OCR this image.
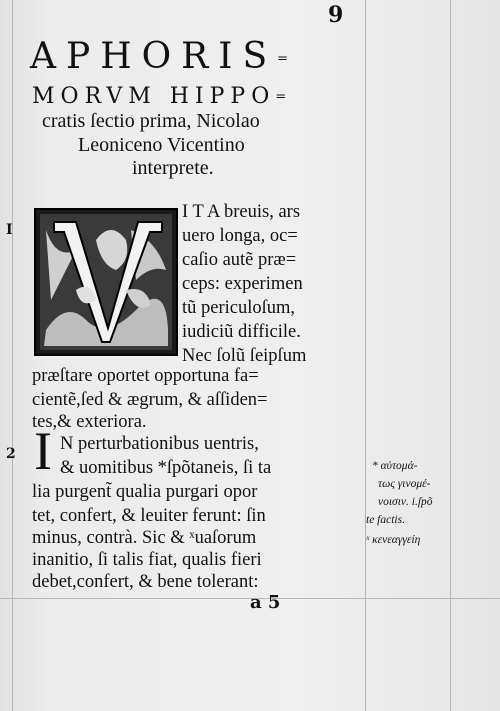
9
APHORIS=
MORVM HIPPO=
cratis ſectio prima, Nicolao
Leoniceno Vicentino
interprete.
I
I T A breuis, ars
uero longa, oc=
caſio autẽ præ=
ceps: experimen
tũ periculoſum,
iudiciũ difficile.
Nec ſolũ ſeipſum
præſtare oportet opportuna fa=
cientẽ,ſed & ægrum, & aſſiden=
tes,& exteriora.
2 I N perturbationibus uentris,
& uomitibus *ſpõtaneis, ſi ta
lia purgent̃ qualia purgari opor
tet, confert, & leuiter ferunt: ſin
minus, contrà. Sic & ˣuaſorum
inanitio, ſi talis fiat, qualis fieri
debet,confert, & bene tolerant:
* αὐτομά-
τως γινομέ-
νοισιν. i.ſpõ
te factis.
ˣ κενεαγγείη
a 5
